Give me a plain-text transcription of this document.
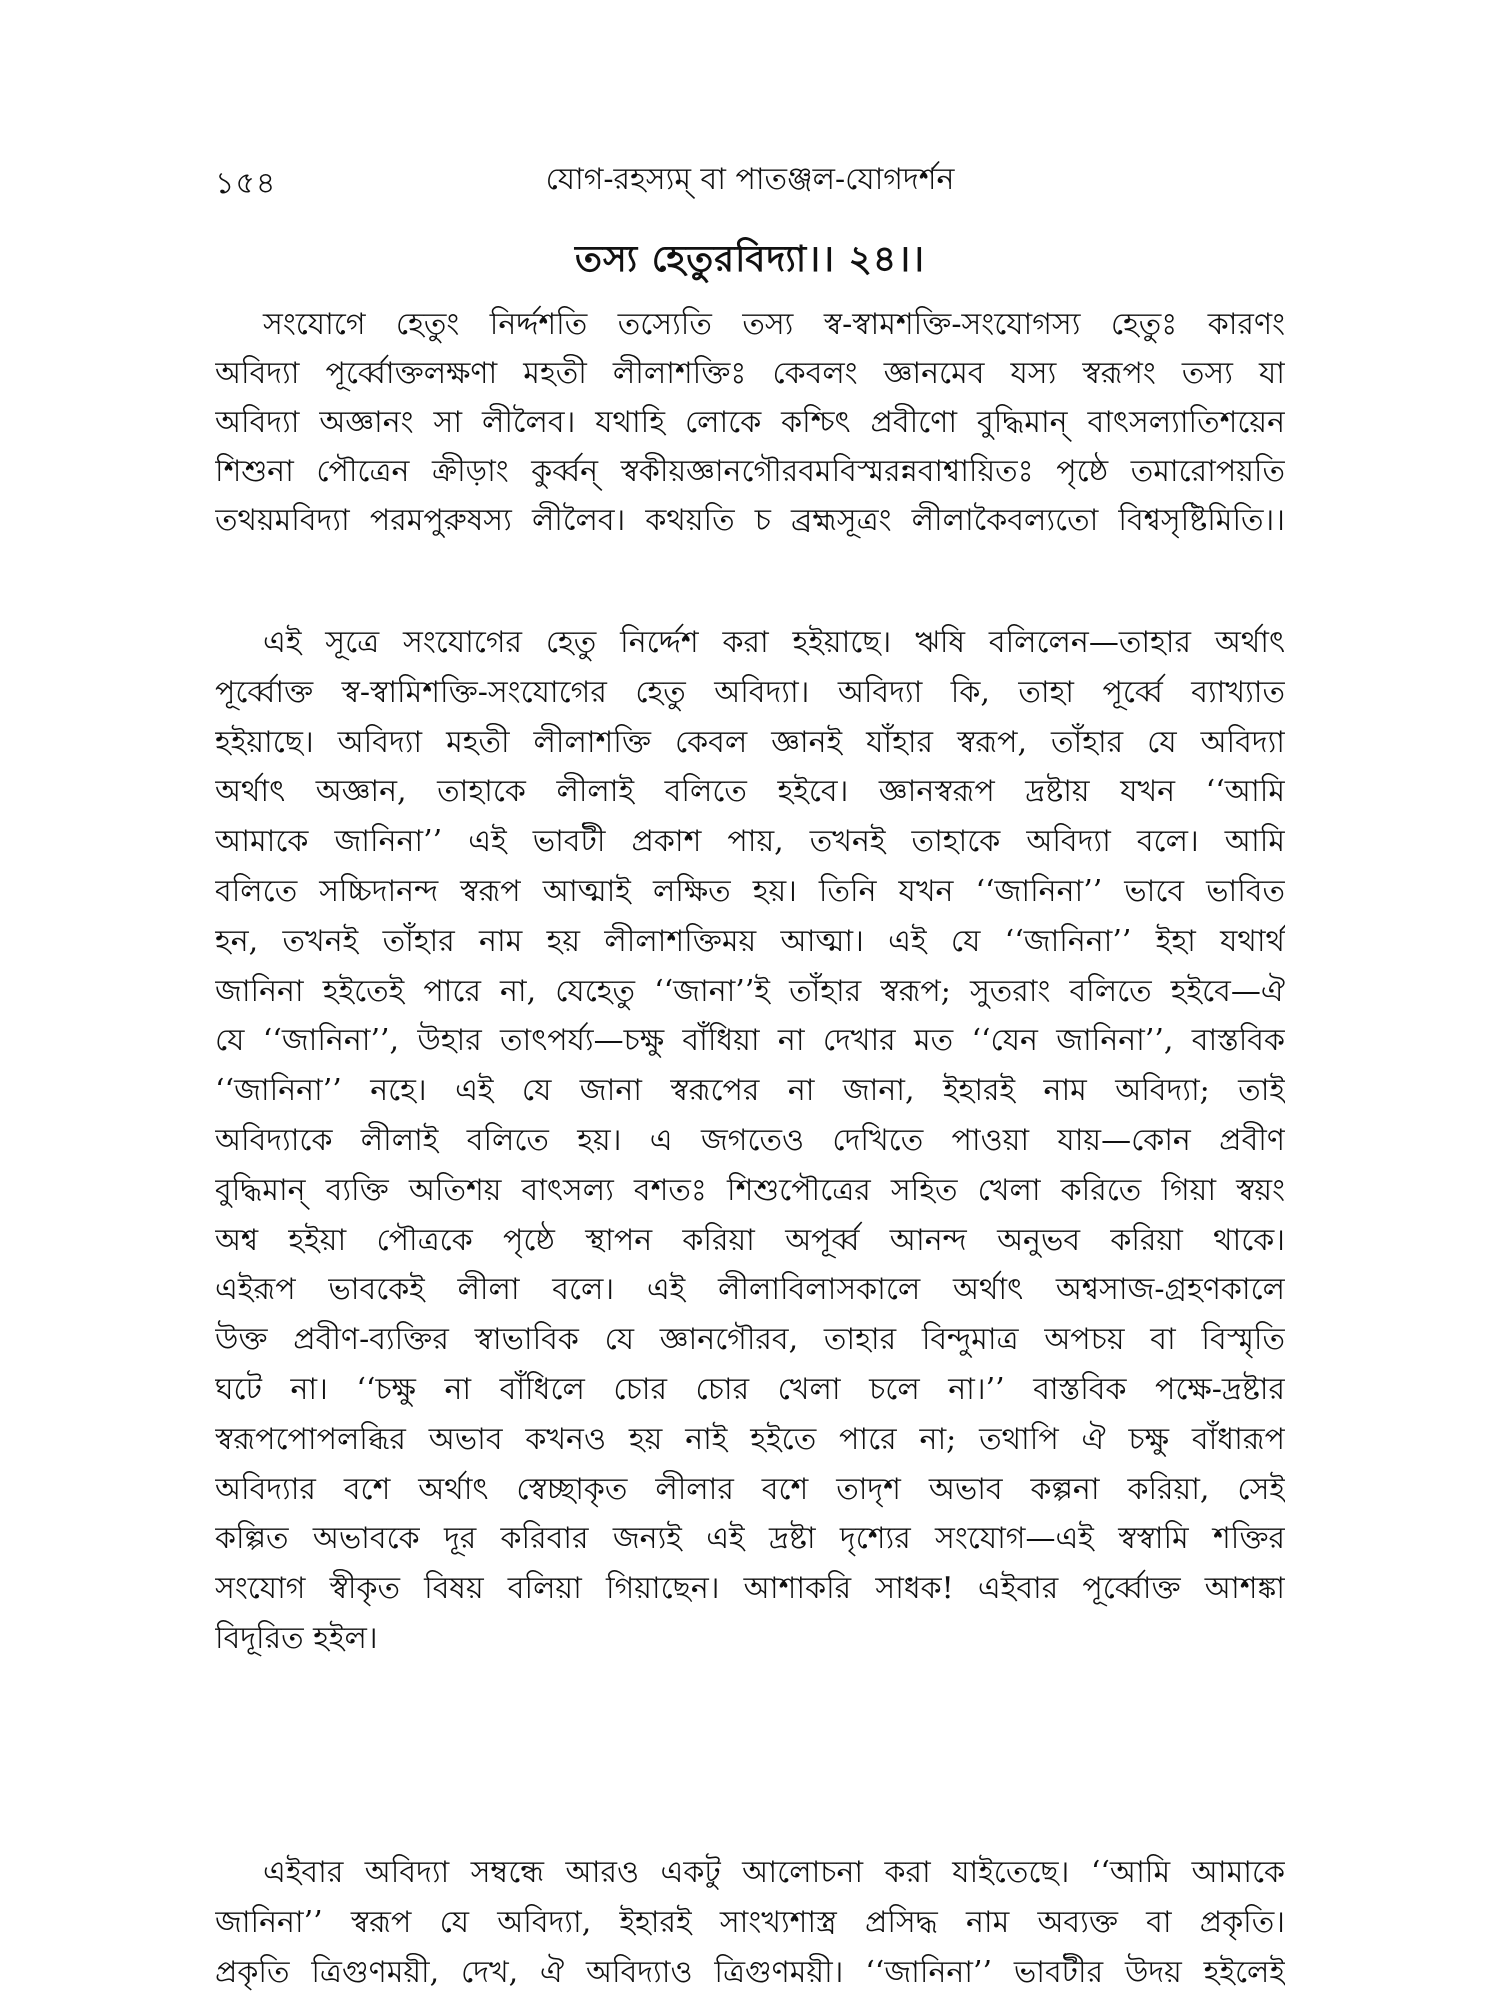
১৫৪	যোগ-রহস্যম্ বা পাতঞ্জল-যোগদর্শন
তস্য হেতুরবিদ্যা।। ২৪।।
সংযোগে হেতুং নির্দ্দশতি তস্যেতি তস্য স্ব-স্বামশক্তি-সংযোগস্য হেতুঃ কারণং
অবিদ্যা পূর্ব্বোক্তলক্ষণা মহতী লীলাশক্তিঃ কেবলং জ্ঞানমেব যস্য স্বরূপং তস্য যা
অবিদ্যা অজ্ঞানং সা লীলৈব। যথাহি লোকে কশ্চিৎ প্রবীণো বুদ্ধিমান্ বাৎসল্যাতিশয়েন
শিশুনা পৌত্রেন ক্রীড়াং কুর্ব্বন্ স্বকীয়জ্ঞানগৌরবমবিস্মরন্নবাশ্বায়িতঃ পৃষ্ঠে তমারোপয়তি
তথয়মবিদ্যা পরমপুরুষস্য লীলৈব। কথয়তি চ ব্রহ্মসূত্রং লীলাকৈবল্যতো বিশ্বসৃষ্টিমিতি।।
এই সূত্রে সংযোগের হেতু নির্দ্দেশ করা হইয়াছে। ঋষি বলিলেন—তাহার অর্থাৎ
পূর্ব্বোক্ত স্ব-স্বামিশক্তি-সংযোগের হেতু অবিদ্যা। অবিদ্যা কি, তাহা পূর্ব্বে ব্যাখ্যাত
হইয়াছে। অবিদ্যা মহতী লীলাশক্তি কেবল জ্ঞানই যাঁহার স্বরূপ, তাঁহার যে অবিদ্যা
অর্থাৎ অজ্ঞান, তাহাকে লীলাই বলিতে হইবে। জ্ঞানস্বরূপ দ্রষ্টায় যখন ‘‘আমি
আমাকে জানিনা’’ এই ভাবটী প্রকাশ পায়, তখনই তাহাকে অবিদ্যা বলে। আমি
বলিতে সচ্চিদানন্দ স্বরূপ আত্মাই লক্ষিত হয়। তিনি যখন ‘‘জানিনা’’ ভাবে ভাবিত
হন, তখনই তাঁহার নাম হয় লীলাশক্তিময় আত্মা। এই যে ‘‘জানিনা’’ ইহা যথার্থ
জানিনা হইতেই পারে না, যেহেতু ‘‘জানা’’ই তাঁহার স্বরূপ; সুতরাং বলিতে হইবে—ঐ
যে ‘‘জানিনা’’, উহার তাৎপর্য্য—চক্ষু বাঁধিয়া না দেখার মত ‘‘যেন জানিনা’’, বাস্তবিক
‘‘জানিনা’’ নহে। এই যে জানা স্বরূপের না জানা, ইহারই নাম অবিদ্যা; তাই
অবিদ্যাকে লীলাই বলিতে হয়। এ জগতেও দেখিতে পাওয়া যায়—কোন প্রবীণ
বুদ্ধিমান্ ব্যক্তি অতিশয় বাৎসল্য বশতঃ শিশুপৌত্রের সহিত খেলা করিতে গিয়া স্বয়ং
অশ্ব হইয়া পৌত্রকে পৃষ্ঠে স্থাপন করিয়া অপূর্ব্ব আনন্দ অনুভব করিয়া থাকে।
এইরূপ ভাবকেই লীলা বলে। এই লীলাবিলাসকালে অর্থাৎ অশ্বসাজ-গ্রহণকালে
উক্ত প্রবীণ-ব্যক্তির স্বাভাবিক যে জ্ঞানগৌরব, তাহার বিন্দুমাত্র অপচয় বা বিস্মৃতি
ঘটে না। ‘‘চক্ষু না বাঁধিলে চোর চোর খেলা চলে না।’’ বাস্তবিক পক্ষে-দ্রষ্টার
স্বরূপপোপলব্ধির অভাব কখনও হয় নাই হইতে পারে না; তথাপি ঐ চক্ষু বাঁধারূপ
অবিদ্যার বশে অর্থাৎ স্বেচ্ছাকৃত লীলার বশে তাদৃশ অভাব কল্পনা করিয়া, সেই
কল্পিত অভাবকে দূর করিবার জন্যই এই দ্রষ্টা দৃশ্যের সংযোগ—এই স্বস্বামি শক্তির
সংযোগ স্বীকৃত বিষয় বলিয়া গিয়াছেন। আশাকরি সাধক! এইবার পূর্ব্বোক্ত আশঙ্কা
বিদূরিত হইল।
এইবার অবিদ্যা সম্বন্ধে আরও একটু আলোচনা করা যাইতেছে। ‘‘আমি আমাকে
জানিনা’’ স্বরূপ যে অবিদ্যা, ইহারই সাংখ্যশাস্ত্র প্রসিদ্ধ নাম অব্যক্ত বা প্রকৃতি।
প্রকৃতি ত্রিগুণময়ী, দেখ, ঐ অবিদ্যাও ত্রিগুণময়ী। ‘‘জানিনা’’ ভাবটীর উদয় হইলেই
